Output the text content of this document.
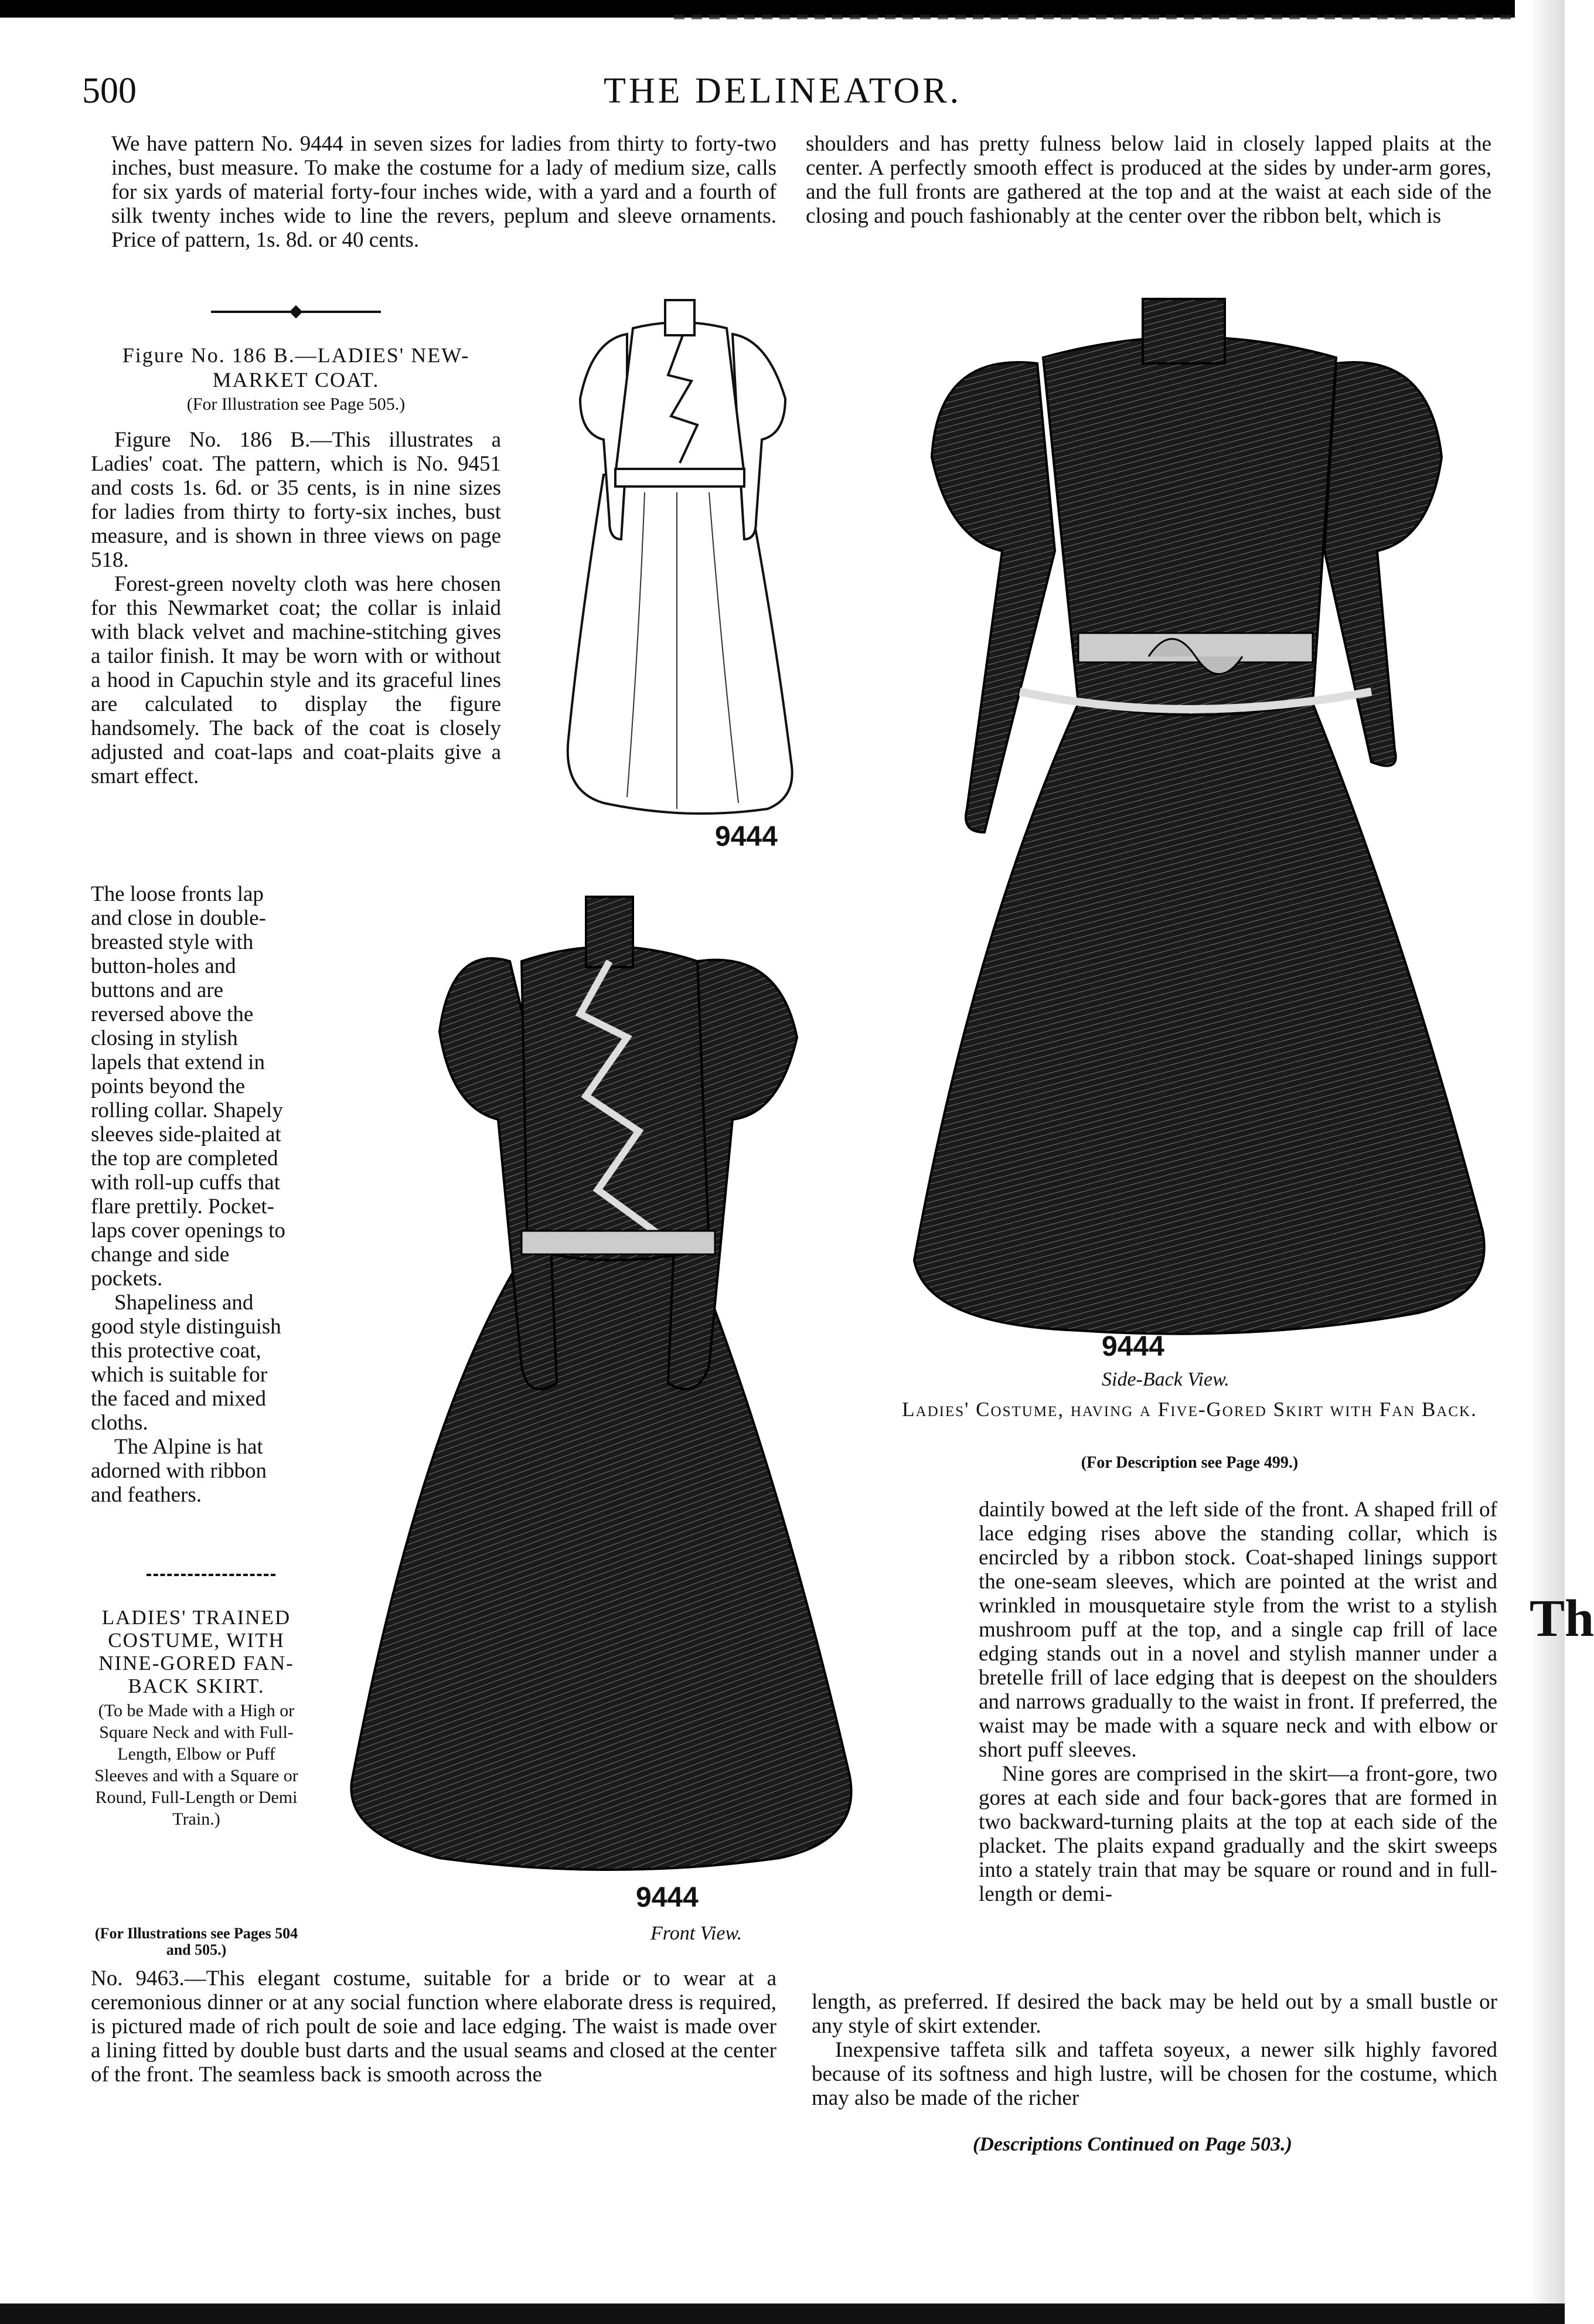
Th
500	THE DELINEATOR.

We have pattern No. 9444 in seven sizes for ladies from thirty to forty-two inches, bust measure. To make the costume for a lady of medium size, calls for six yards of material forty-four inches wide, with a yard and a fourth of silk twenty inches wide to line the revers, peplum and sleeve ornaments. Price of pattern, 1s. 8d. or 40 cents.

shoulders and has pretty fulness below laid in closely lapped plaits at the center. A perfectly smooth effect is produced at the sides by under-arm gores, and the full fronts are gathered at the top and at the waist at each side of the closing and pouch fashionably at the center over the ribbon belt, which is

Figure No. 186 B.—LADIES' NEW-MARKET COAT.
(For Illustration see Page 505.)

Figure No. 186 B.—This illustrates a Ladies' coat. The pattern, which is No. 9451 and costs 1s. 6d. or 35 cents, is in nine sizes for ladies from thirty to forty-six inches, bust measure, and is shown in three views on page 518.

Forest-green novelty cloth was here chosen for this Newmarket coat; the collar is inlaid with black velvet and machine-stitching gives a tailor finish. It may be worn with or without a hood in Capuchin style and its graceful lines are calculated to display the figure handsomely. The back of the coat is closely adjusted and coat-laps and coat-plaits give a smart effect.

The loose fronts lap and close in double-breasted style with button-holes and buttons and are reversed above the closing in stylish lapels that extend in points beyond the rolling collar. Shapely sleeves side-plaited at the top are completed with roll-up cuffs that flare prettily. Pocket-laps cover openings to change and side pockets.

Shapeliness and good style distinguish this protective coat, which is suitable for the faced and mixed cloths.

The Alpine is hat adorned with ribbon and feathers.

LADIES' TRAINED COSTUME, WITH NINE-GORED FAN-BACK SKIRT.
(To be Made with a High or Square Neck and with Full-Length, Elbow or Puff Sleeves and with a Square or Round, Full-Length or Demi Train.)
(For Illustrations see Pages 504 and 505.)

No. 9463.—This elegant costume, suitable for a bride or to wear at a ceremonious dinner or at any social function where elaborate dress is required, is pictured made of rich poult de soie and lace edging. The waist is made over a lining fitted by double bust darts and the usual seams and closed at the center of the front. The seamless back is smooth across the

daintily bowed at the left side of the front. A shaped frill of lace edging rises above the standing collar, which is encircled by a ribbon stock. Coat-shaped linings support the one-seam sleeves, which are pointed at the wrist and wrinkled in mousquetaire style from the wrist to a stylish mushroom puff at the top, and a single cap frill of lace edging stands out in a novel and stylish manner under a bretelle frill of lace edging that is deepest on the shoulders and narrows gradually to the waist in front. If preferred, the waist may be made with a square neck and with elbow or short puff sleeves.

Nine gores are comprised in the skirt—a front-gore, two gores at each side and four back-gores that are formed in two backward-turning plaits at the top at each side of the placket. The plaits expand gradually and the skirt sweeps into a stately train that may be square or round and in full-length or demi-

length, as preferred. If desired the back may be held out by a small bustle or any style of skirt extender.

Inexpensive taffeta silk and taffeta soyeux, a newer silk highly favored because of its softness and high lustre, will be chosen for the costume, which may also be made of the richer

(Descriptions Continued on Page 503.)
9444
9444
Front View.
9444
Side-Back View.
Ladies' Costume, having a Five-Gored Skirt with Fan Back.
(For Description see Page 499.)
